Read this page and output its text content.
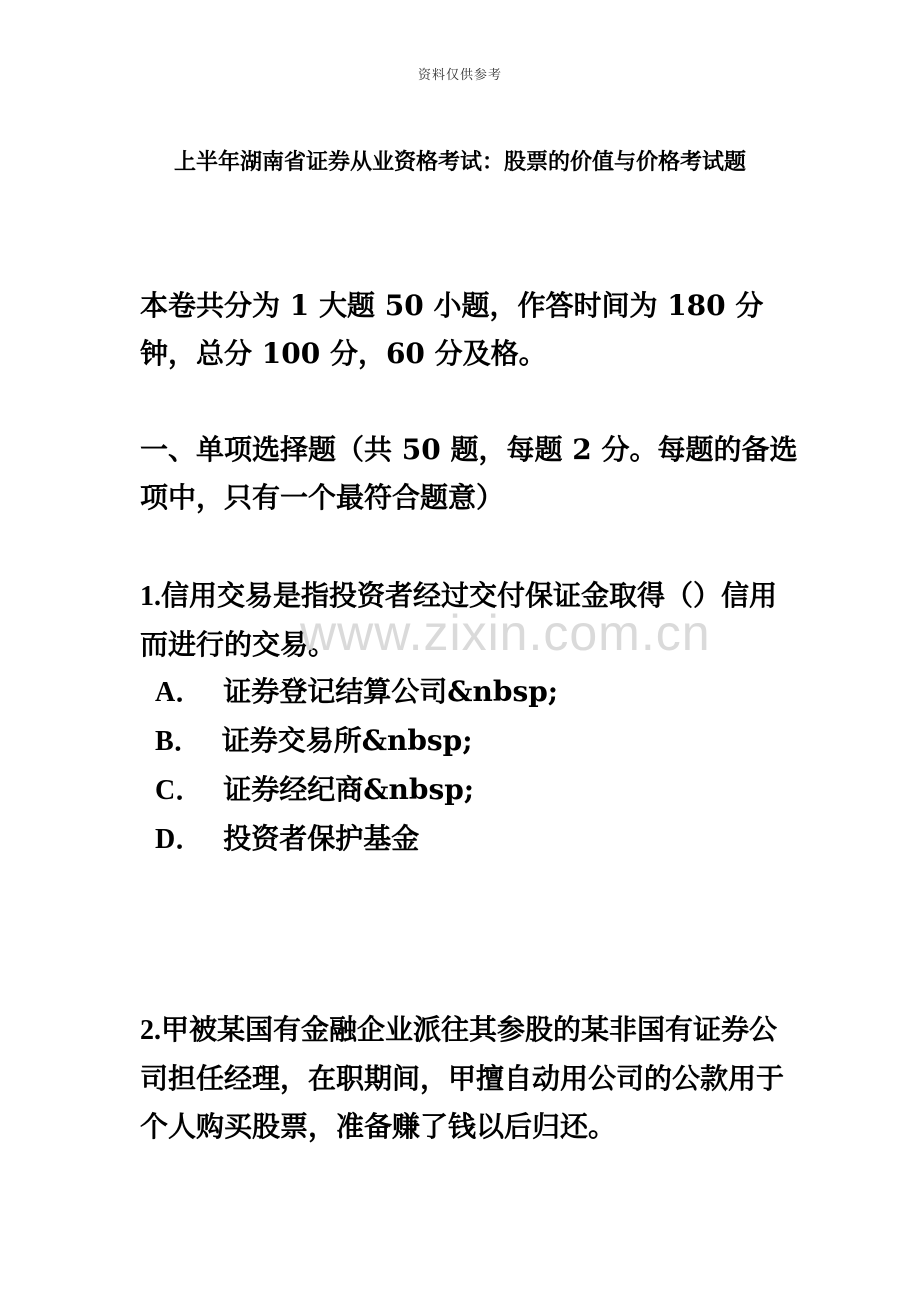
资料仅供参考
上半年湖南省证券从业资格考试：股票的价值与价格考试题
本卷共分为 1 大题 50 小题，作答时间为 180 分钟，总分 100 分，60 分及格。
一、单项选择题（共 50 题，每题 2 分。每题的备选项中，只有一个最符合题意）
1.信用交易是指投资者经过交付保证金取得（）信用而进行的交易。
A． 证券登记结算公司&nbsp;
B． 证券交易所&nbsp;
C． 证券经纪商&nbsp;
D． 投资者保护基金
2.甲被某国有金融企业派往其参股的某非国有证券公司担任经理，在职期间，甲擅自动用公司的公款用于个人购买股票，准备赚了钱以后归还。
www.zixin.com.cn
